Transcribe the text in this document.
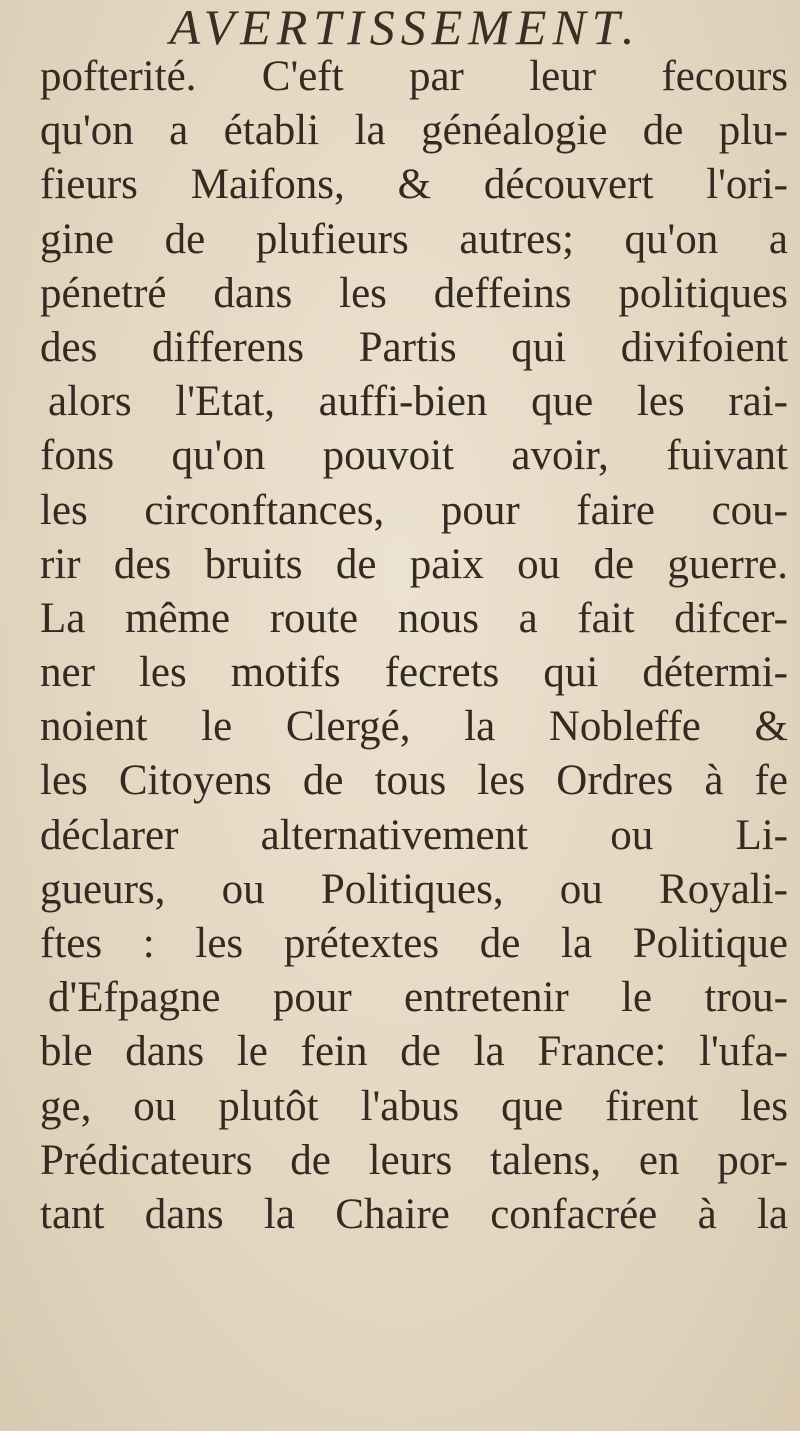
AVERTISSEMENT.
pofterité. C'eft par leur fecours
qu'on a établi la généalogie de plu-
fieurs Maifons, & découvert l'ori-
gine de plufieurs autres; qu'on a
pénetré dans les deffeins politiques
des differens Partis qui divifoient
alors l'Etat, auffi-bien que les rai-
fons qu'on pouvoit avoir, fuivant
les circonftances, pour faire cou-
rir des bruits de paix ou de guerre.
La même route nous a fait difcer-
ner les motifs fecrets qui détermi-
noient le Clergé, la Nobleffe &
les Citoyens de tous les Ordres à fe
déclarer alternativement ou Li-
gueurs, ou Politiques, ou Royali-
ftes : les prétextes de la Politique
d'Efpagne pour entretenir le trou-
ble dans le fein de la France: l'ufa-
ge, ou plutôt l'abus que firent les
Prédicateurs de leurs talens, en por-
tant dans la Chaire confacrée à la
